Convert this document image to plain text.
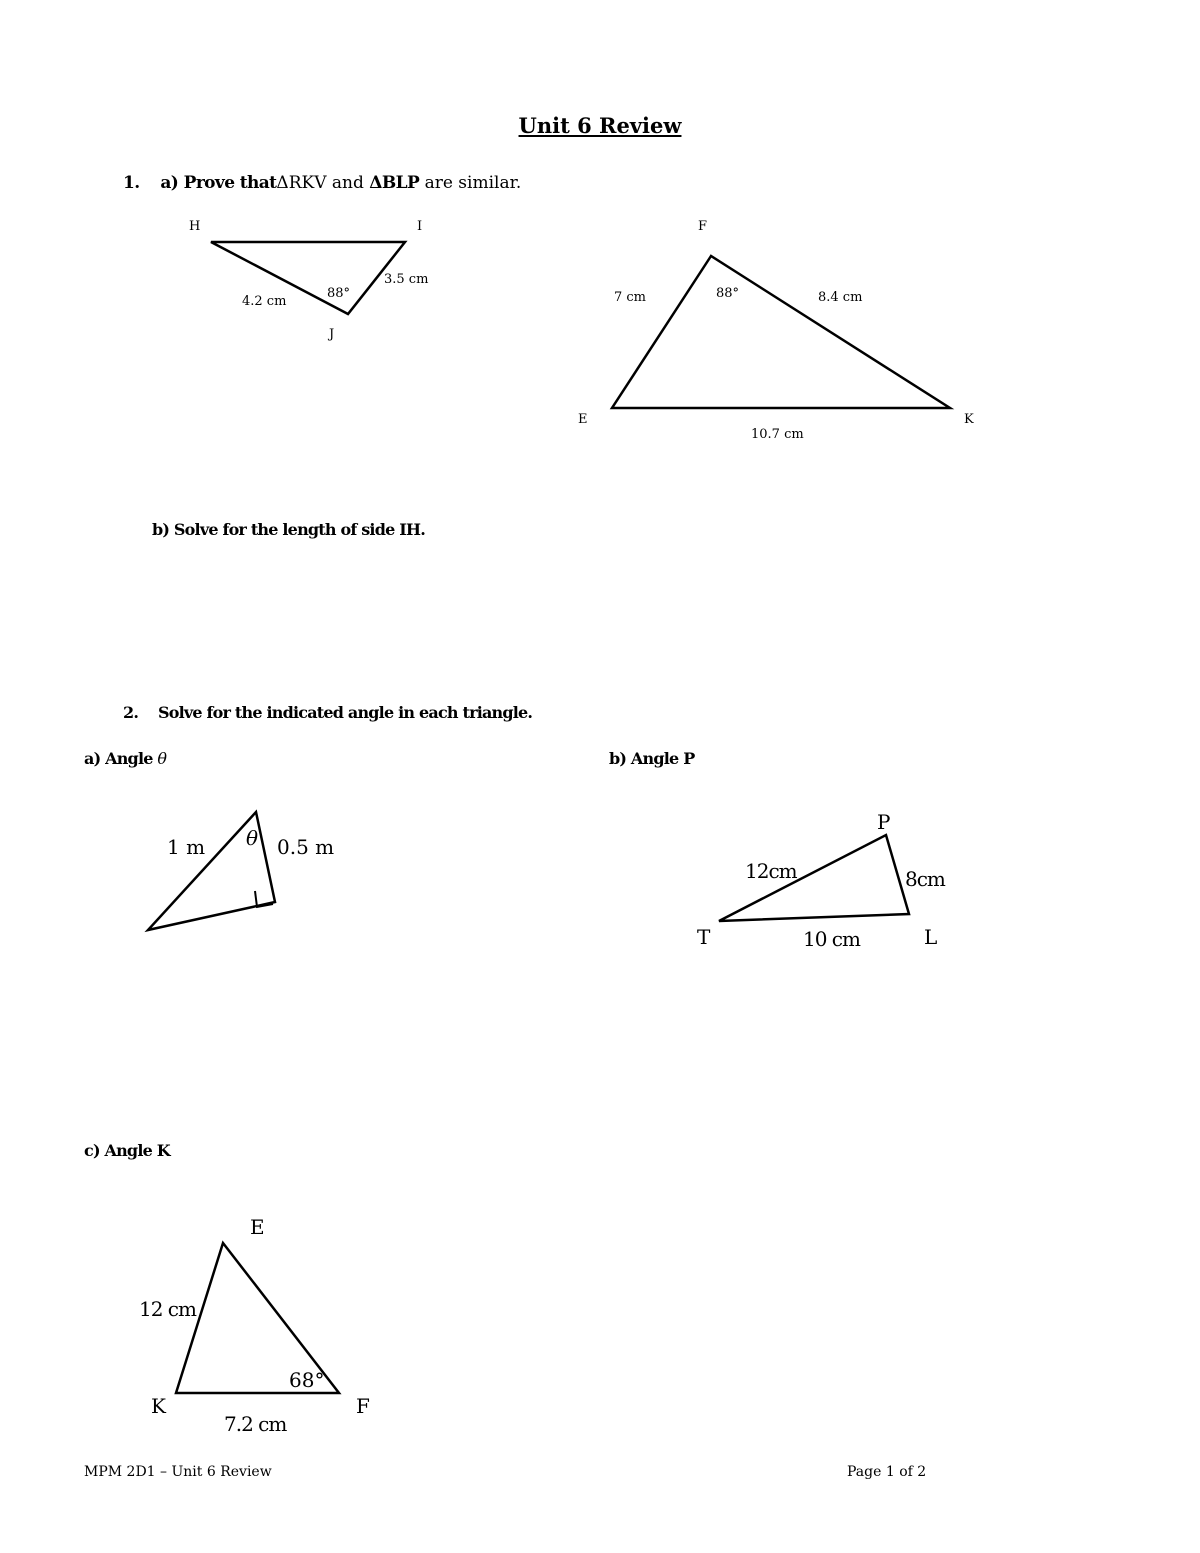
Unit 6 Review
1. a) Prove thatΔRKV and ΔBLP are similar.
H	I
J
4.2 cm
3.5 cm
88°
F
E	K
7 cm	8.4 cm
10.7 cm
88°
b) Solve for the length of side IH.
2. Solve for the indicated angle in each triangle.
a) Angle θ	b) Angle P
1 m	0.5 m
θ
P
T	L
12cm	8cm
10 cm
c) Angle K
E
K	F
12 cm
7.2 cm
68°
MPM 2D1 – Unit 6 Review	Page 1 of 2
